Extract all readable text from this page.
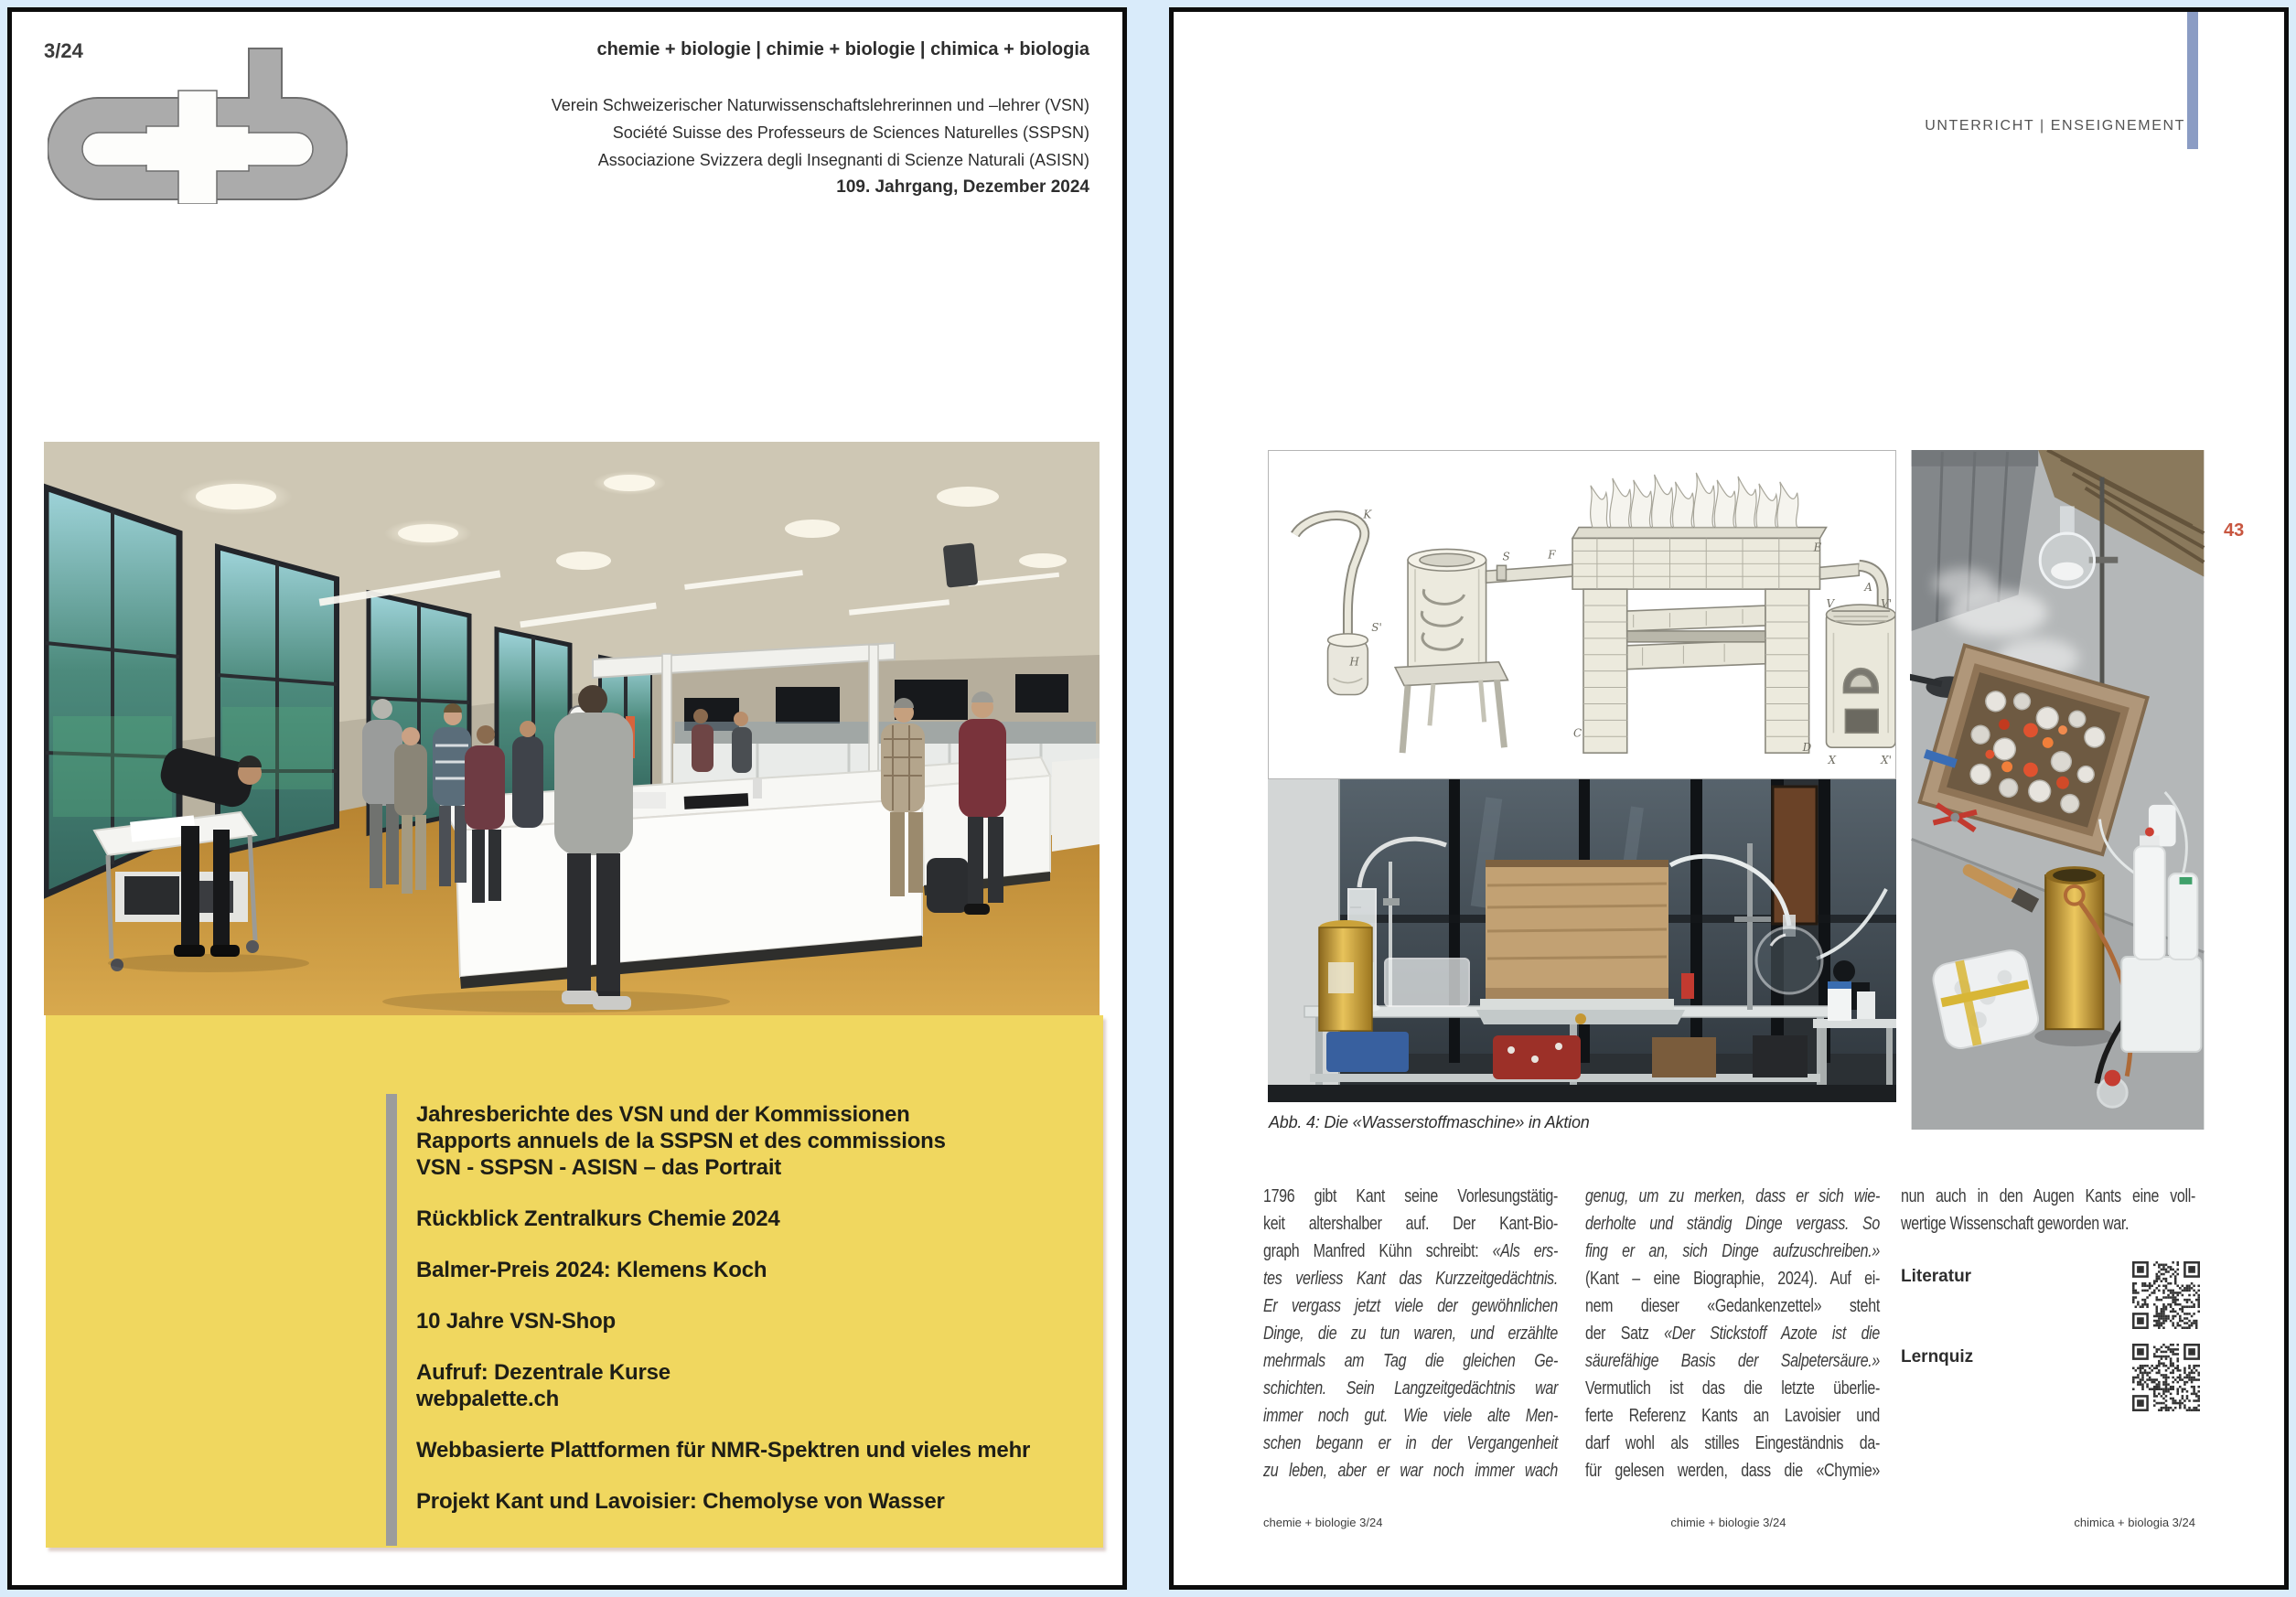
3/24	chemie + biologie | chimie + biologie | chimica + biologia
Verein Schweizerischer Naturwissenschaftslehrerinnen und –lehrer (VSN)
Société Suisse des Professeurs de Sciences Naturelles (SSPSN)
Associazione Svizzera degli Insegnanti di Scienze Naturali (ASISN)
109. Jahrgang, Dezember 2024
Jahresberichte des VSN und der Kommissionen
Rapports annuels de la SSPSN et des commissions
VSN - SSPSN - ASISN – das Portrait
Rückblick Zentralkurs Chemie 2024
Balmer-Preis 2024: Klemens Koch
10 Jahre VSN-Shop
Aufruf: Dezentrale Kurse
webpalette.ch
Webbasierte Plattformen für NMR-Spektren und vieles mehr
Projekt Kant und Lavoisier: Chemolyse von Wasser
UNTERRICHT | ENSEIGNEMENT
43
K
S'
H
S	F
E
A
V	V'
C
D
X	X'
Abb. 4: Die «Wasserstoffmaschine» in Aktion
1796 gibt Kant seine Vorlesungstätig-
keit altershalber auf. Der Kant-Bio-
graph Manfred Kühn schreibt: «Als ers-
tes verliess Kant das Kurzzeitgedächtnis.
Er vergass jetzt viele der gewöhnlichen
Dinge, die zu tun waren, und erzählte
mehrmals am Tag die gleichen Ge-
schichten. Sein Langzeitgedächtnis war
immer noch gut. Wie viele alte Men-
schen begann er in der Vergangenheit
zu leben, aber er war noch immer wach
genug, um zu merken, dass er sich wie-
derholte und ständig Dinge vergass. So
fing er an, sich Dinge aufzuschreiben.»
(Kant – eine Biographie, 2024). Auf ei-
nem dieser «Gedankenzettel» steht
der Satz «Der Stickstoff Azote ist die
säurefähige Basis der Salpetersäure.»
Vermutlich ist das die letzte überlie-
ferte Referenz Kants an Lavoisier und
darf wohl als stilles Eingeständnis da-
für gelesen werden, dass die «Chymie»
nun auch in den Augen Kants eine voll-
wertige Wissenschaft geworden war.
Literatur
Lernquiz
chemie + biologie 3/24	chimie + biologie 3/24	chimica + biologia 3/24
